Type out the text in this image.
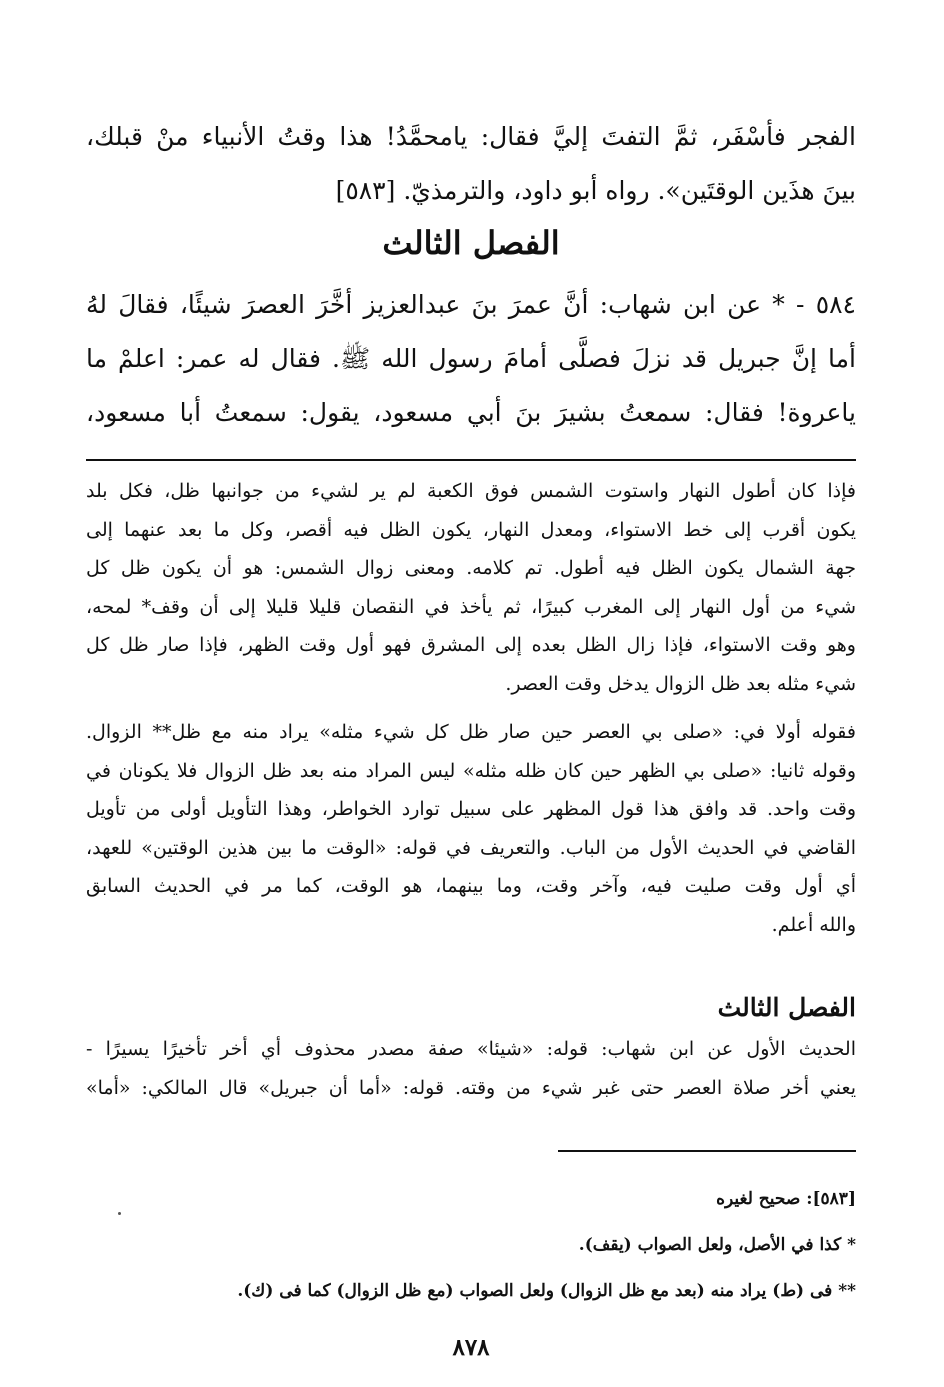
الفجر فأسْفَر، ثمَّ التفتَ إليَّ فقال: يامحمَّدُ! هذا وقتُ الأنبياء منْ قبلك،
بينَ هذَين الوقتَين». رواه أبو داود، والترمذيّ. [٥٨٣]
الفصل الثالث
٥٨٤ - * عن ابن شهاب: أنَّ عمرَ بنَ عبدالعزيز أخَّرَ العصرَ شيئًا، فقالَ لهُ
أما إنَّ جبريل قد نزلَ فصلَّى أمامَ رسول الله ﷺ. فقال له عمر: اعلمْ ما
ياعروة! فقال: سمعتُ بشيرَ بنَ أبي مسعود، يقول: سمعتُ أبا مسعود،
فإذا كان أطول النهار واستوت الشمس فوق الكعبة لم ير لشيء من جوانبها ظل، فكل بلد
يكون أقرب إلى خط الاستواء، ومعدل النهار، يكون الظل فيه أقصر، وكل ما بعد عنهما إلى
جهة الشمال يكون الظل فيه أطول. تم كلامه. ومعنى زوال الشمس: هو أن يكون ظل كل
شيء من أول النهار إلى المغرب كبيرًا، ثم يأخذ في النقصان قليلا قليلا إلى أن وقف* لمحه،
وهو وقت الاستواء، فإذا زال الظل بعده إلى المشرق فهو أول وقت الظهر، فإذا صار ظل كل
شيء مثله بعد ظل الزوال يدخل وقت العصر.
فقوله أولا في: «صلى بي العصر حين صار ظل كل شيء مثله» يراد منه مع ظل** الزوال.
وقوله ثانيا: «صلى بي الظهر حين كان ظله مثله» ليس المراد منه بعد ظل الزوال فلا يكونان في
وقت واحد. قد وافق هذا قول المظهر على سبيل توارد الخواطر، وهذا التأويل أولى من تأويل
القاضي في الحديث الأول من الباب. والتعريف في قوله: «الوقت ما بين هذين الوقتين» للعهد،
أي أول وقت صليت فيه، وآخر وقت، وما بينهما، هو الوقت، كما مر في الحديث السابق
والله أعلم.
الفصل الثالث
الحديث الأول عن ابن شهاب: قوله: «شيئا» صفة مصدر محذوف أي أخر تأخيرًا يسيرًا -
يعني أخر صلاة العصر حتى غبر شيء من وقته. قوله: «أما أن جبريل» قال المالكي: «أما»
[٥٨٣]: صحيح لغيره
* كذا في الأصل، ولعل الصواب (يقف).
** فى (ط) يراد منه (بعد مع ظل الزوال) ولعل الصواب (مع ظل الزوال) كما فى (ك).
٨٧٨
